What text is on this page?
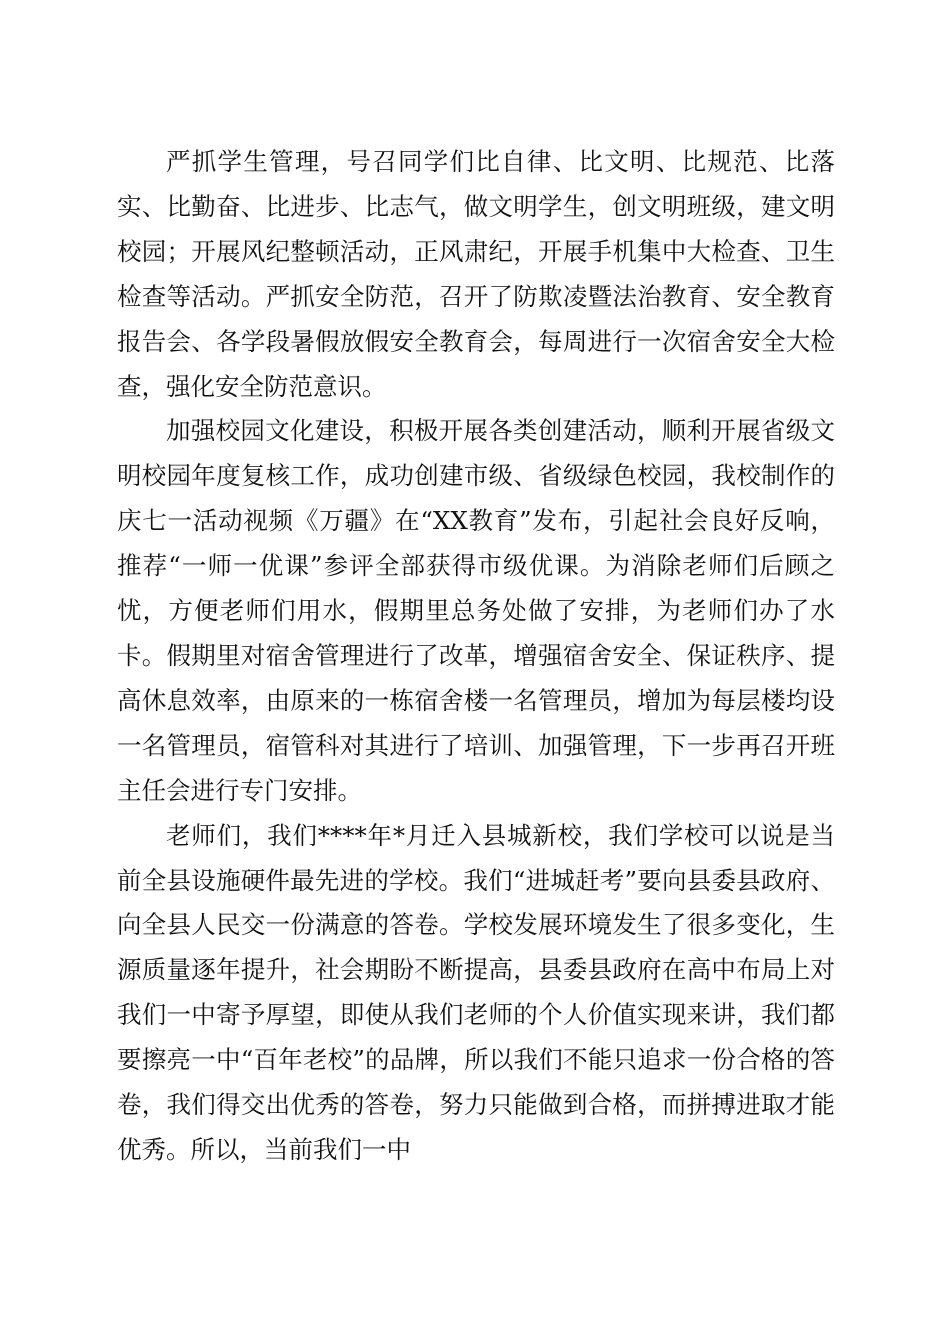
严抓学生管理，号召同学们比自律、比文明、比规范、比落实、比勤奋、比进步、比志气，做文明学生，创文明班级，建文明校园；开展风纪整顿活动，正风肃纪，开展手机集中大检查、卫生检查等活动。严抓安全防范，召开了防欺凌暨法治教育、安全教育报告会、各学段暑假放假安全教育会，每周进行一次宿舍安全大检查，强化安全防范意识。

加强校园文化建设，积极开展各类创建活动，顺利开展省级文明校园年度复核工作，成功创建市级、省级绿色校园，我校制作的庆七一活动视频《万疆》在“XX教育”发布，引起社会良好反响，推荐“一师一优课”参评全部获得市级优课。为消除老师们后顾之忧，方便老师们用水，假期里总务处做了安排，为老师们办了水卡。假期里对宿舍管理进行了改革，增强宿舍安全、保证秩序、提高休息效率，由原来的一栋宿舍楼一名管理员，增加为每层楼均设一名管理员，宿管科对其进行了培训、加强管理，下一步再召开班主任会进行专门安排。

老师们，我们****年*月迁入县城新校，我们学校可以说是当前全县设施硬件最先进的学校。我们“进城赶考”要向县委县政府、向全县人民交一份满意的答卷。学校发展环境发生了很多变化，生源质量逐年提升，社会期盼不断提高，县委县政府在高中布局上对我们一中寄予厚望，即使从我们老师的个人价值实现来讲，我们都要擦亮一中“百年老校”的品牌，所以我们不能只追求一份合格的答卷，我们得交出优秀的答卷，努力只能做到合格，而拼搏进取才能优秀。所以，当前我们一中
